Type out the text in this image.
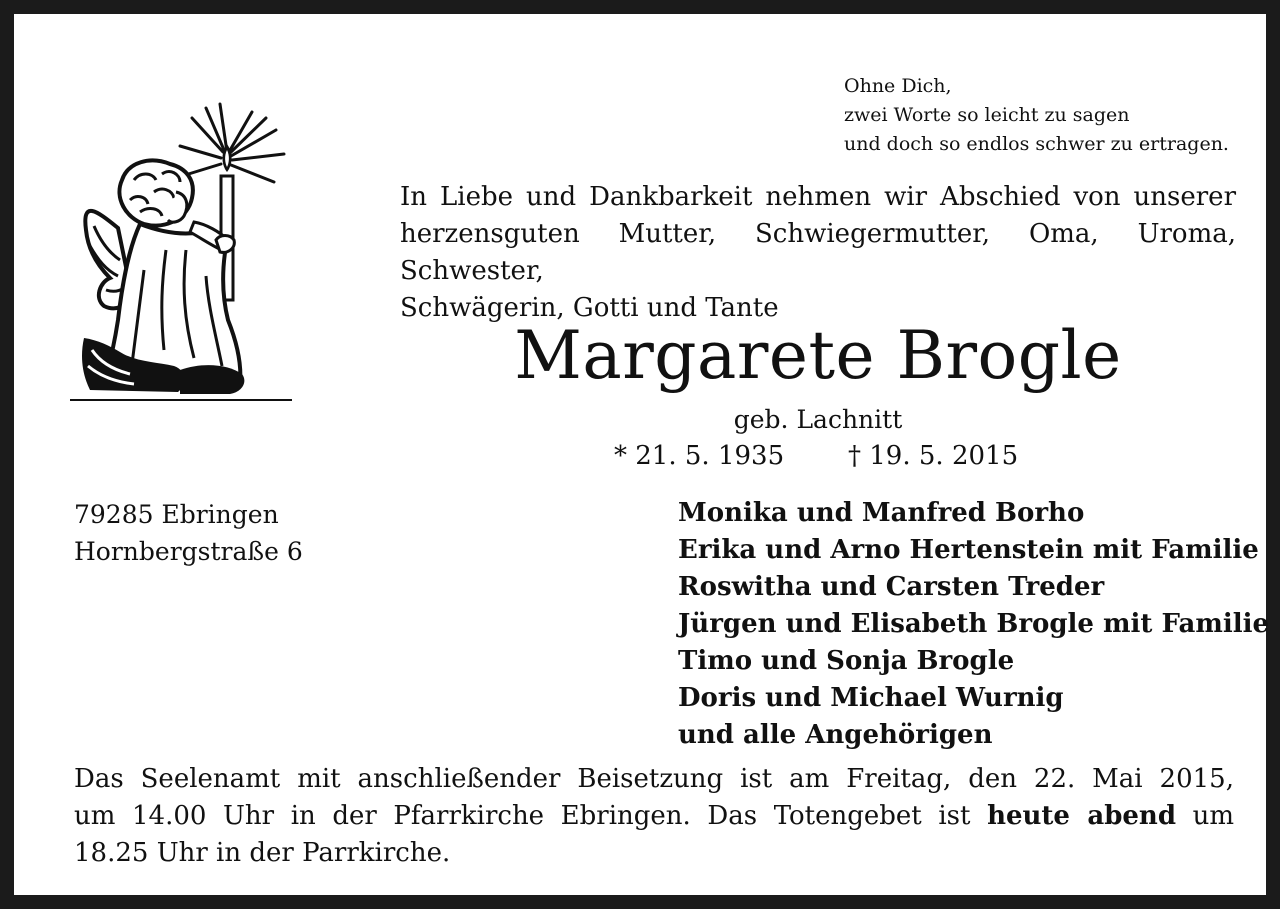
Ohne Dich,
zwei Worte so leicht zu sagen
und doch so endlos schwer zu ertragen.
In Liebe und Dankbarkeit nehmen wir Abschied von unserer
herzensguten Mutter, Schwiegermutter, Oma, Uroma, Schwester,
Schwägerin, Gotti und Tante
Margarete Brogle
geb. Lachnitt
* 21. 5. 1935 † 19. 5. 2015
79285 Ebringen
Hornbergstraße 6
Monika und Manfred Borho
Erika und Arno Hertenstein mit Familie
Roswitha und Carsten Treder
Jürgen und Elisabeth Brogle mit Familie
Timo und Sonja Brogle
Doris und Michael Wurnig
und alle Angehörigen
Das Seelenamt mit anschließender Beisetzung ist am Freitag, den 22. Mai 2015,
um 14.00 Uhr in der Pfarrkirche Ebringen. Das Totengebet ist heute abend um
18.25 Uhr in der Parrkirche.
